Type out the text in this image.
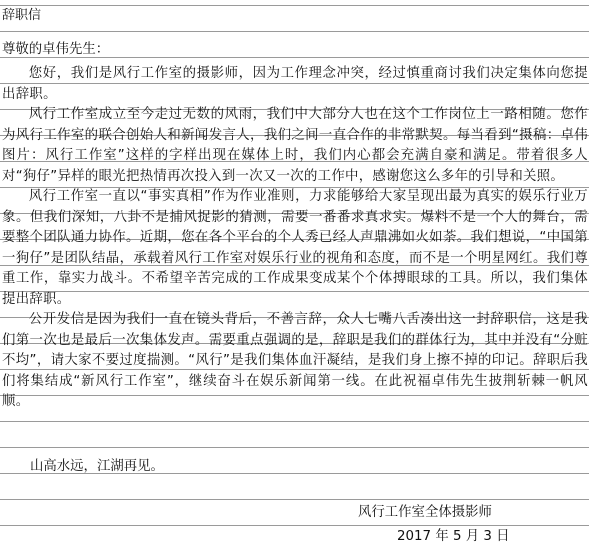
辞职信
尊敬的卓伟先生：

您好，我们是风行工作室的摄影师，因为工作理念冲突，经过慎重商讨我们决定集体向您提出辞职。

风行工作室成立至今走过无数的风雨，我们中大部分人也在这个工作岗位上一路相随。您作为风行工作室的联合创始人和新闻发言人，我们之间一直合作的非常默契。每当看到“摄稿：卓伟 图片：风行工作室”这样的字样出现在媒体上时，我们内心都会充满自豪和满足。带着很多人对“狗仔”异样的眼光把热情再次投入到一次又一次的工作中，感谢您这么多年的引导和关照。

风行工作室一直以“事实真相”作为作业准则，力求能够给大家呈现出最为真实的娱乐行业万象。但我们深知，八卦不是捕风捉影的猜测，需要一番番求真求实。爆料不是一个人的舞台，需要整个团队通力协作。近期，您在各个平台的个人秀已经人声鼎沸如火如荼。我们想说，“中国第一狗仔”是团队结晶，承载着风行工作室对娱乐行业的视角和态度，而不是一个明星网红。我们尊重工作，靠实力战斗。不希望辛苦完成的工作成果变成某个个体搏眼球的工具。所以，我们集体提出辞职。

公开发信是因为我们一直在镜头背后，不善言辞，众人七嘴八舌凑出这一封辞职信，这是我们第一次也是最后一次集体发声。需要重点强调的是，辞职是我们的群体行为，其中并没有“分赃不均”，请大家不要过度揣测。“风行”是我们集体血汗凝结，是我们身上擦不掉的印记。辞职后我们将集结成“新风行工作室”，继续奋斗在娱乐新闻第一线。在此祝福卓伟先生披荆斩棘一帆风顺。

山高水远，江湖再见。
风行工作室全体摄影师
2017 年 5 月 3 日
